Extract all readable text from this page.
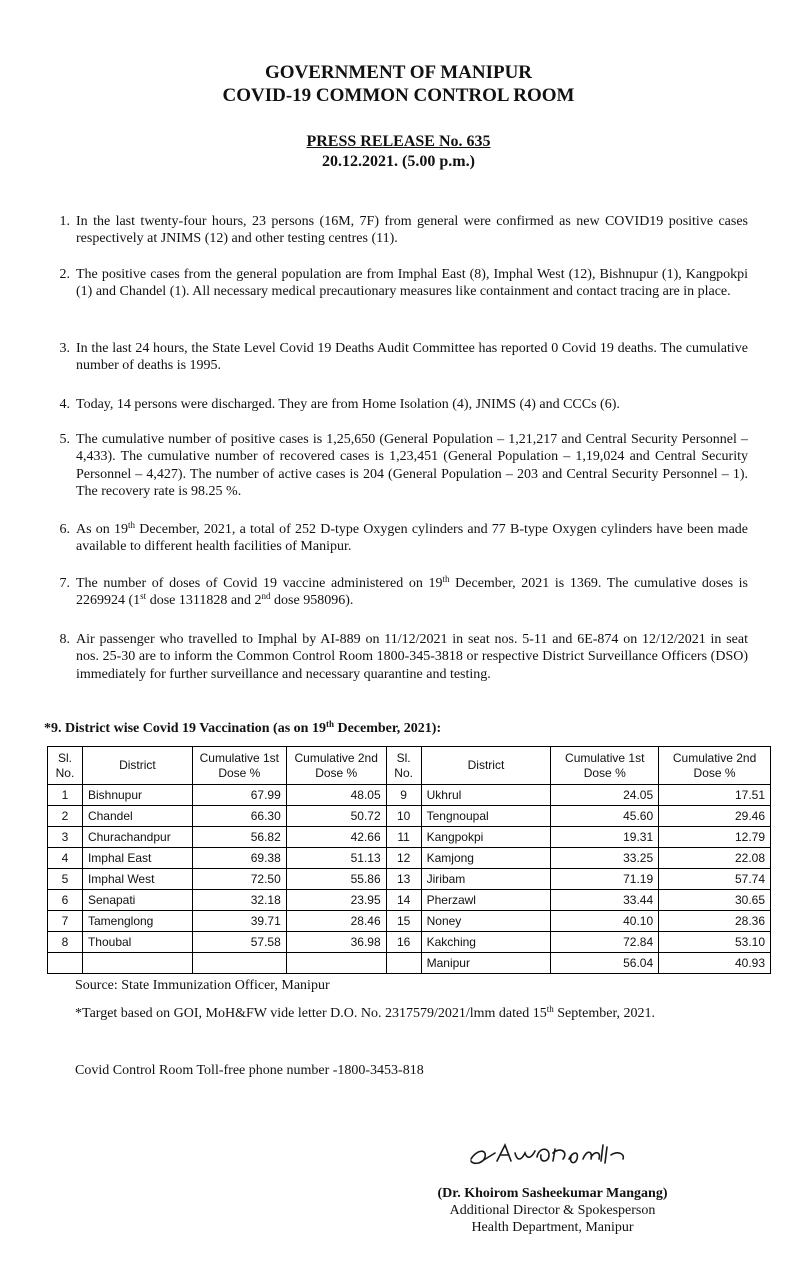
GOVERNMENT OF MANIPUR
COVID-19 COMMON CONTROL ROOM
PRESS RELEASE No. 635
20.12.2021. (5.00 p.m.)
1. In the last twenty-four hours, 23 persons (16M, 7F) from general were confirmed as new COVID19 positive cases respectively at JNIMS (12) and other testing centres (11).
2. The positive cases from the general population are from Imphal East (8), Imphal West (12), Bishnupur (1), Kangpokpi (1) and Chandel (1). All necessary medical precautionary measures like containment and contact tracing are in place.
3. In the last 24 hours, the State Level Covid 19 Deaths Audit Committee has reported 0 Covid 19 deaths. The cumulative number of deaths is 1995.
4. Today, 14 persons were discharged. They are from Home Isolation (4), JNIMS (4) and CCCs (6).
5. The cumulative number of positive cases is 1,25,650 (General Population – 1,21,217 and Central Security Personnel – 4,433). The cumulative number of recovered cases is 1,23,451 (General Population – 1,19,024 and Central Security Personnel – 4,427). The number of active cases is 204 (General Population – 203 and Central Security Personnel – 1). The recovery rate is 98.25 %.
6. As on 19th December, 2021, a total of 252 D-type Oxygen cylinders and 77 B-type Oxygen cylinders have been made available to different health facilities of Manipur.
7. The number of doses of Covid 19 vaccine administered on 19th December, 2021 is 1369. The cumulative doses is 2269924 (1st dose 1311828 and 2nd dose 958096).
8. Air passenger who travelled to Imphal by AI-889 on 11/12/2021 in seat nos. 5-11 and 6E-874 on 12/12/2021 in seat nos. 25-30 are to inform the Common Control Room 1800-345-3818 or respective District Surveillance Officers (DSO) immediately for further surveillance and necessary quarantine and testing.
*9. District wise Covid 19 Vaccination (as on 19th December, 2021):
Sl. No.	District	Cumulative 1st Dose %	Cumulative 2nd Dose %	Sl. No.	District	Cumulative 1st Dose %	Cumulative 2nd Dose %
1	Bishnupur	67.99	48.05	9	Ukhrul	24.05	17.51
2	Chandel	66.30	50.72	10	Tengnoupal	45.60	29.46
3	Churachandpur	56.82	42.66	11	Kangpokpi	19.31	12.79
4	Imphal East	69.38	51.13	12	Kamjong	33.25	22.08
5	Imphal West	72.50	55.86	13	Jiribam	71.19	57.74
6	Senapati	32.18	23.95	14	Pherzawl	33.44	30.65
7	Tamenglong	39.71	28.46	15	Noney	40.10	28.36
8	Thoubal	57.58	36.98	16	Kakching	72.84	53.10
					Manipur	56.04	40.93
Source: State Immunization Officer, Manipur
*Target based on GOI, MoH&FW vide letter D.O. No. 2317579/2021/lmm dated 15th September, 2021.
Covid Control Room Toll-free phone number -1800-3453-818
(Dr. Khoirom Sasheekumar Mangang)
Additional Director & Spokesperson
Health Department, Manipur
